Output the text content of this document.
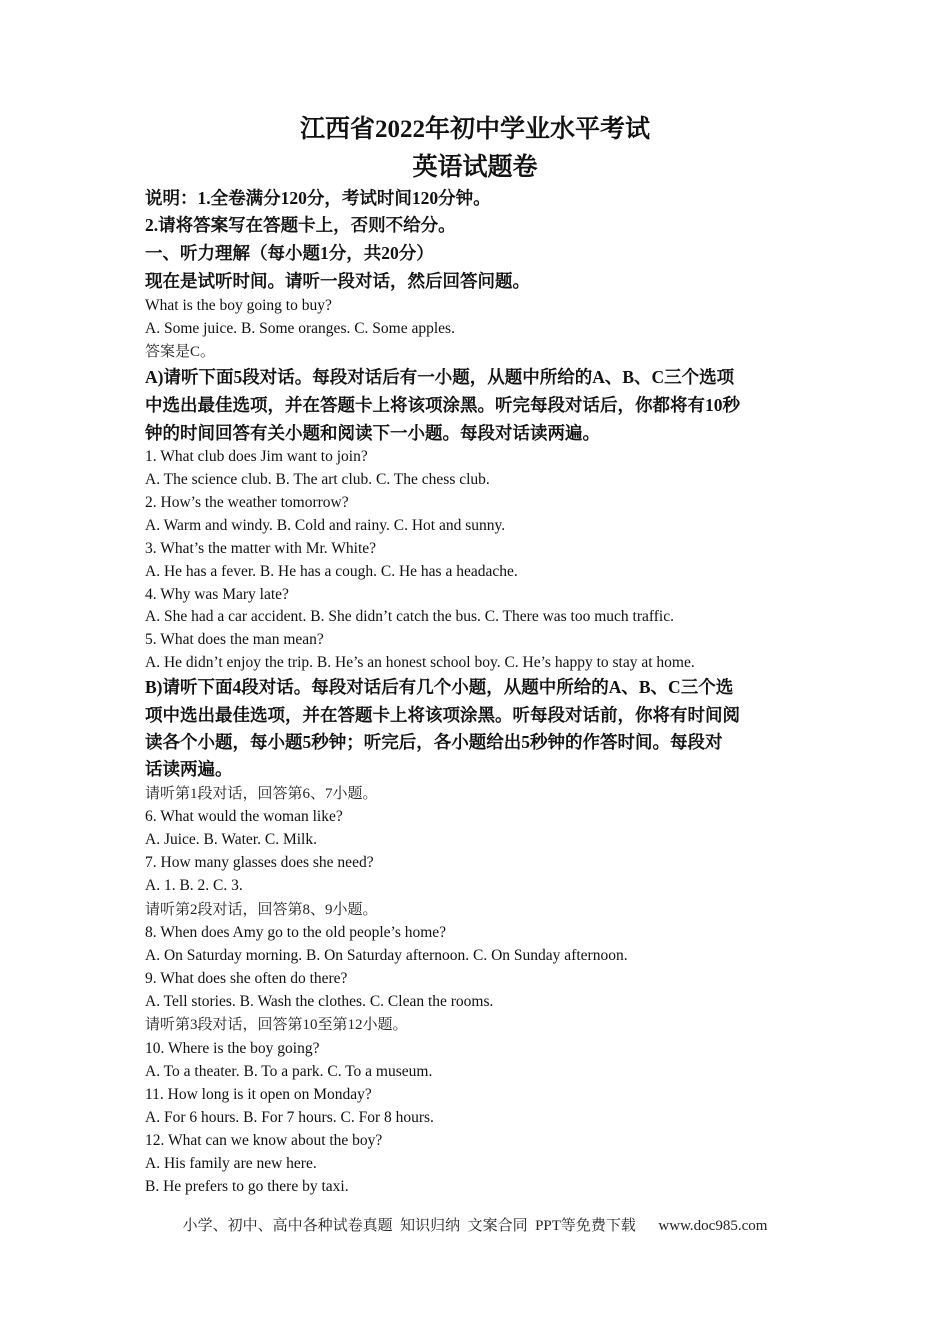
江西省2022年初中学业水平考试
英语试题卷
说明：1.全卷满分120分，考试时间120分钟。
2.请将答案写在答题卡上，否则不给分。
一、听力理解（每小题1分，共20分）
现在是试听时间。请听一段对话，然后回答问题。
What is the boy going to buy?
A. Some juice. B. Some oranges. C. Some apples.
答案是C。
A)请听下面5段对话。每段对话后有一小题，从题中所给的A、B、C三个选项
中选出最佳选项，并在答题卡上将该项涂黑。听完每段对话后，你都将有10秒
钟的时间回答有关小题和阅读下一小题。每段对话读两遍。
1. What club does Jim want to join?
A. The science club. B. The art club. C. The chess club.
2. How’s the weather tomorrow?
A. Warm and windy. B. Cold and rainy. C. Hot and sunny.
3. What’s the matter with Mr. White?
A. He has a fever. B. He has a cough. C. He has a headache.
4. Why was Mary late?
A. She had a car accident. B. She didn’t catch the bus. C. There was too much traffic.
5. What does the man mean?
A. He didn’t enjoy the trip. B. He’s an honest school boy. C. He’s happy to stay at home.
B)请听下面4段对话。每段对话后有几个小题，从题中所给的A、B、C三个选
项中选出最佳选项，并在答题卡上将该项涂黑。听每段对话前，你将有时间阅
读各个小题，每小题5秒钟；听完后，各小题给出5秒钟的作答时间。每段对
话读两遍。
请听第1段对话，回答第6、7小题。
6. What would the woman like?
A. Juice. B. Water. C. Milk.
7. How many glasses does she need?
A. 1. B. 2. C. 3.
请听第2段对话，回答第8、9小题。
8. When does Amy go to the old people’s home?
A. On Saturday morning. B. On Saturday afternoon. C. On Sunday afternoon.
9. What does she often do there?
A. Tell stories. B. Wash the clothes. C. Clean the rooms.
请听第3段对话，回答第10至第12小题。
10. Where is the boy going?
A. To a theater. B. To a park. C. To a museum.
11. How long is it open on Monday?
A. For 6 hours. B. For 7 hours. C. For 8 hours.
12. What can we know about the boy?
A. His family are new here.
B. He prefers to go there by taxi.
小学、初中、高中各种试卷真题  知识归纳  文案合同  PPT等免费下载      www.doc985.com
